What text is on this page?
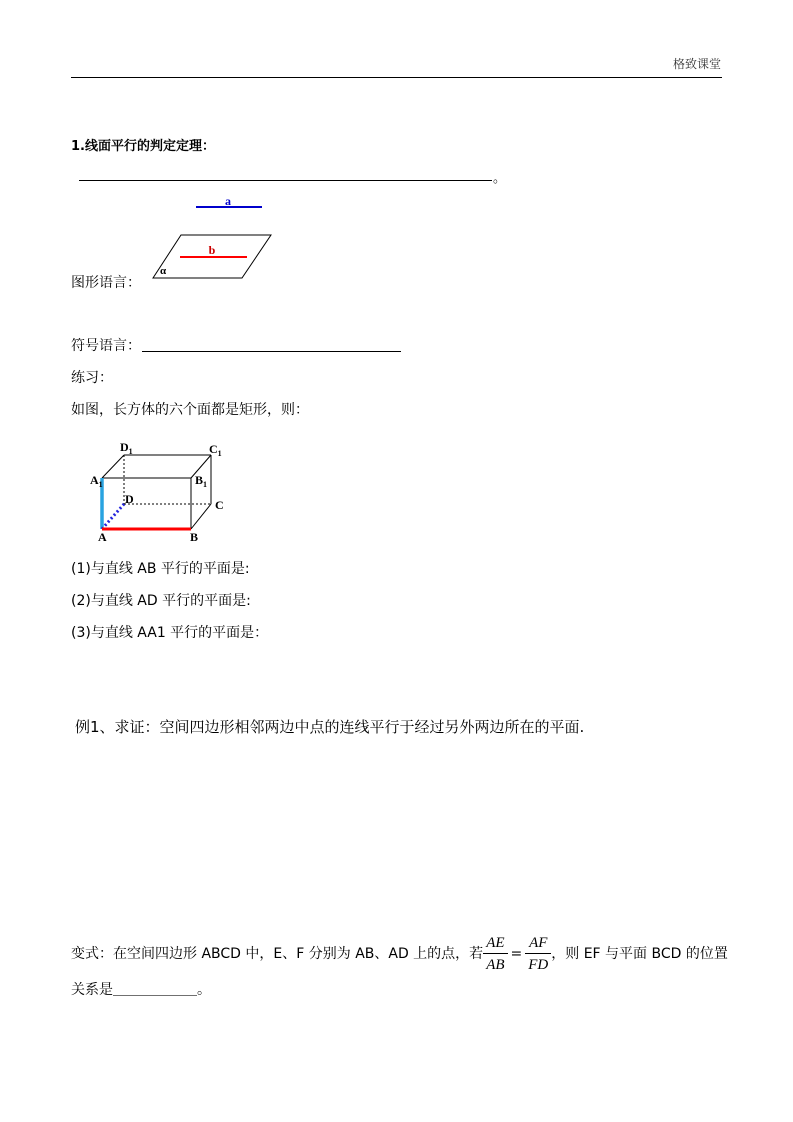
格致课堂
1.线面平行的判定定理：
。
a
b
α
图形语言：
符号语言：
练习：
如图，长方体的六个面都是矩形，则：
$D_1$	$C_1$
$A_1$	$B_1$
D	C
A	B
(1)与直线 AB 平行的平面是:
(2)与直线 AD 平行的平面是:
(3)与直线 AA1 平行的平面是：
例1、求证：空间四边形相邻两边中点的连线平行于经过另外两边所在的平面.
变式：在空间四边形 ABCD 中，E、F 分别为 AB、AD 上的点，若 $\frac{AE}{AB} = \frac{AF}{FD}$ ，则 EF 与平面 BCD 的位置
关系是＿＿＿＿＿＿。
